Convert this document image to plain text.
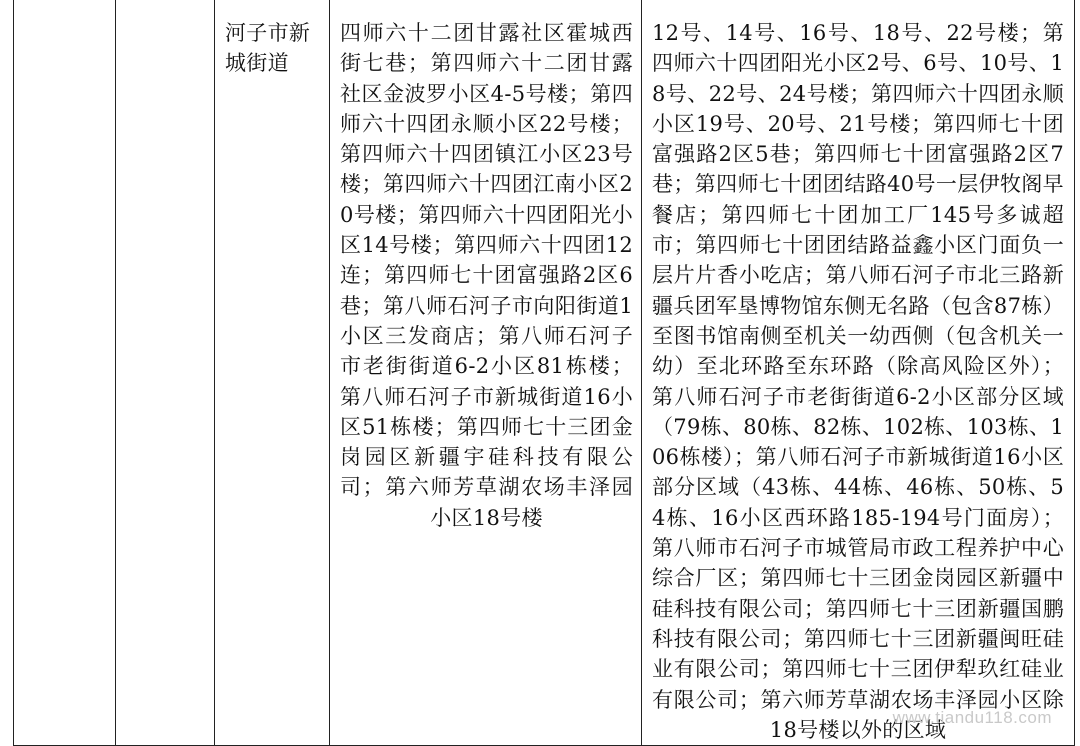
河子市新城街道

四师六十二团甘露社区霍城西街七巷；第四师六十二团甘露社区金波罗小区4-5号楼；第四师六十四团永顺小区22号楼；第四师六十四团镇江小区23号楼；第四师六十四团江南小区20号楼；第四师六十四团阳光小区14号楼；第四师六十四团12连；第四师七十团富强路2区6巷；第八师石河子市向阳街道1小区三发商店；第八师石河子市老街街道6-2小区81栋楼；第八师石河子市新城街道16小区51栋楼；第四师七十三团金岗园区新疆宇硅科技有限公司；第六师芳草湖农场丰泽园小区18号楼

12号、14号、16号、18号、22号楼；第四师六十四团阳光小区2号、6号、10号、18号、22号、24号楼；第四师六十四团永顺小区19号、20号、21号楼；第四师七十团富强路2区5巷；第四师七十团富强路2区7巷；第四师七十团团结路40号一层伊牧阁早餐店；第四师七十团加工厂145号多诚超市；第四师七十团团结路益鑫小区门面负一层片片香小吃店；第八师石河子市北三路新疆兵团军垦博物馆东侧无名路（包含87栋）至图书馆南侧至机关一幼西侧（包含机关一幼）至北环路至东环路（除高风险区外）；第八师石河子市老街街道6-2小区部分区域（79栋、80栋、82栋、102栋、103栋、106栋楼）；第八师石河子市新城街道16小区部分区域（43栋、44栋、46栋、50栋、54栋、16小区西环路185-194号门面房）；第八师市石河子市城管局市政工程养护中心综合厂区；第四师七十三团金岗园区新疆中硅科技有限公司；第四师七十三团新疆国鹏科技有限公司；第四师七十三团新疆闽旺硅业有限公司；第四师七十三团伊犁玖红硅业有限公司；第六师芳草湖农场丰泽园小区除18号楼以外的区域
www.tiandu118.com
